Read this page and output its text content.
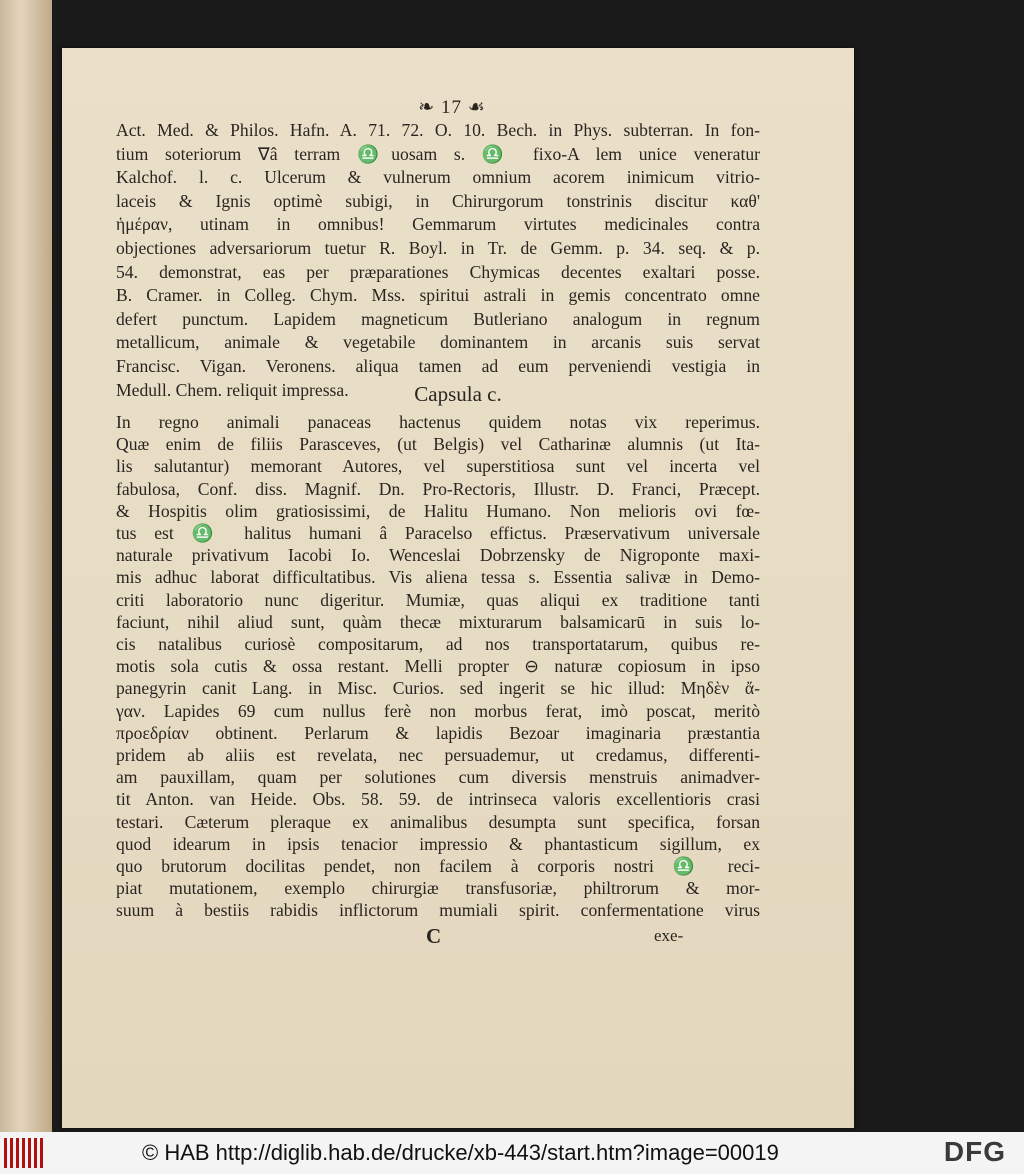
❧ 17 ☙
Act. Med. & Philos. Hafn. A. 71. 72. O. 10. Bech. in Phys. subterran. In fon-
tium soteriorum ∇â terram ♎uosam s. ♎ fixo-A lem unice veneratur
Kalchof. l. c. Ulcerum & vulnerum omnium acorem inimicum vitrio-
laceis & Ignis optimè subigi, in Chirurgorum tonstrinis discitur καθ'
ἡμέραν, utinam in omnibus! Gemmarum virtutes medicinales contra
objectiones adversariorum tuetur R. Boyl. in Tr. de Gemm. p. 34. seq. & p.
54. demonstrat, eas per præparationes Chymicas decentes exaltari posse.
B. Cramer. in Colleg. Chym. Mss. spiritui astrali in gemis concentrato omne
defert punctum. Lapidem magneticum Butleriano analogum in regnum
metallicum, animale & vegetabile dominantem in arcanis suis servat
Francisc. Vigan. Veronens. aliqua tamen ad eum perveniendi vestigia in
Medull. Chem. reliquit impressa.	Capsula c.
In regno animali panaceas hactenus quidem notas vix reperimus.
Quæ enim de filiis Parasceves, (ut Belgis) vel Catharinæ alumnis (ut Ita-
lis salutantur) memorant Autores, vel superstitiosa sunt vel incerta vel
fabulosa, Conf. diss. Magnif. Dn. Pro-Rectoris, Illustr. D. Franci, Præcept.
& Hospitis olim gratiosissimi, de Halitu Humano. Non melioris ovi fœ-
tus est ♎ halitus humani â Paracelso effictus. Præservativum universale
naturale privativum Iacobi Io. Wenceslai Dobrzensky de Nigroponte maxi-
mis adhuc laborat difficultatibus. Vis aliena tessa s. Essentia salivæ in Demo-
criti laboratorio nunc digeritur. Mumiæ, quas aliqui ex traditione tanti
faciunt, nihil aliud sunt, quàm thecæ mixturarum balsamicarū in suis lo-
cis natalibus curiosè compositarum, ad nos transportatarum, quibus re-
motis sola cutis & ossa restant. Melli propter ⊖ naturæ copiosum in ipso
panegyrin canit Lang. in Misc. Curios. sed ingerit se hic illud: Μηδὲν ἄ-
γαν. Lapides 69 cum nullus ferè non morbus ferat, imò poscat, meritò
προεδρίαν obtinent. Perlarum & lapidis Bezoar imaginaria præstantia
pridem ab aliis est revelata, nec persuademur, ut credamus, differenti-
am pauxillam, quam per solutiones cum diversis menstruis animadver-
tit Anton. van Heide. Obs. 58. 59. de intrinseca valoris excellentioris crasi
testari. Cæterum pleraque ex animalibus desumpta sunt specifica, forsan
quod idearum in ipsis tenacior impressio & phantasticum sigillum, ex
quo brutorum docilitas pendet, non facilem à corporis nostri ♎ reci-
piat mutationem, exemplo chirurgiæ transfusoriæ, philtrorum & mor-
suum à bestiis rabidis inflictorum mumiali spirit. confermentatione virus
C	exe-
© HAB http://diglib.hab.de/drucke/xb-443/start.htm?image=00019	DFG
